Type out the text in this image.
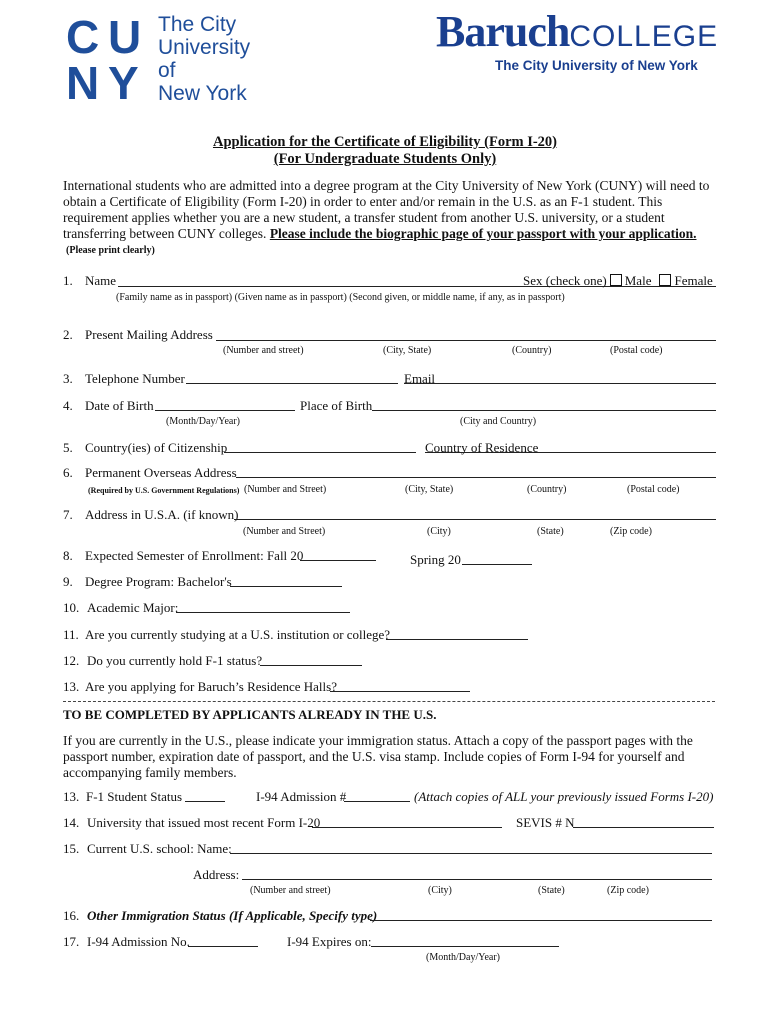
C U
N Y
The City
University
of
New York
BaruchCOLLEGE
The City University of New York
Application for the Certificate of Eligibility (Form I-20)
(For Undergraduate Students Only)
International students who are admitted into a degree program at the City University of New York (CUNY) will need to obtain a Certificate of Eligibility (Form I-20) in order to enter and/or remain in the U.S. as an F-1 student. This requirement applies whether you are a new student, a transfer student from another U.S. university, or a student transferring between CUNY colleges. Please include the biographic page of your passport with your application.
(Please print clearly)
1. Name	Sex (check one) Male Female
(Family name as in passport) (Given name as in passport) (Second given, or middle name, if any, as in passport)
2. Present Mailing Address
(Number and street)	(City, State)	(Country)	(Postal code)
3. Telephone Number	Email
4. Date of Birth	Place of Birth
(Month/Day/Year)	(City and Country)
5. Country(ies) of Citizenship	Country of Residence
6. Permanent Overseas Address
(Required by U.S. Government Regulations) (Number and Street)	(City, State)	(Country)	(Postal code)
7. Address in U.S.A. (if known)
(Number and Street)	(City)	(State)	(Zip code)
8. Expected Semester of Enrollment: Fall 20	Spring 20
9. Degree Program: Bachelor's
10. Academic Major:
11. Are you currently studying at a U.S. institution or college?
12. Do you currently hold F-1 status?
13. Are you applying for Baruch’s Residence Halls?
TO BE COMPLETED BY APPLICANTS ALREADY IN THE U.S.
If you are currently in the U.S., please indicate your immigration status. Attach a copy of the passport pages with the passport number, expiration date of passport, and the U.S. visa stamp. Include copies of Form I-94 for yourself and accompanying family members.
13. F-1 Student Status	I-94 Admission #	(Attach copies of ALL your previously issued Forms I-20)
14. University that issued most recent Form I-20	SEVIS # N
15. Current U.S. school: Name:
Address:
(Number and street)	(City)	(State)	(Zip code)
16. Other Immigration Status (If Applicable, Specify type)
17. I-94 Admission No.	I-94 Expires on:
(Month/Day/Year)
